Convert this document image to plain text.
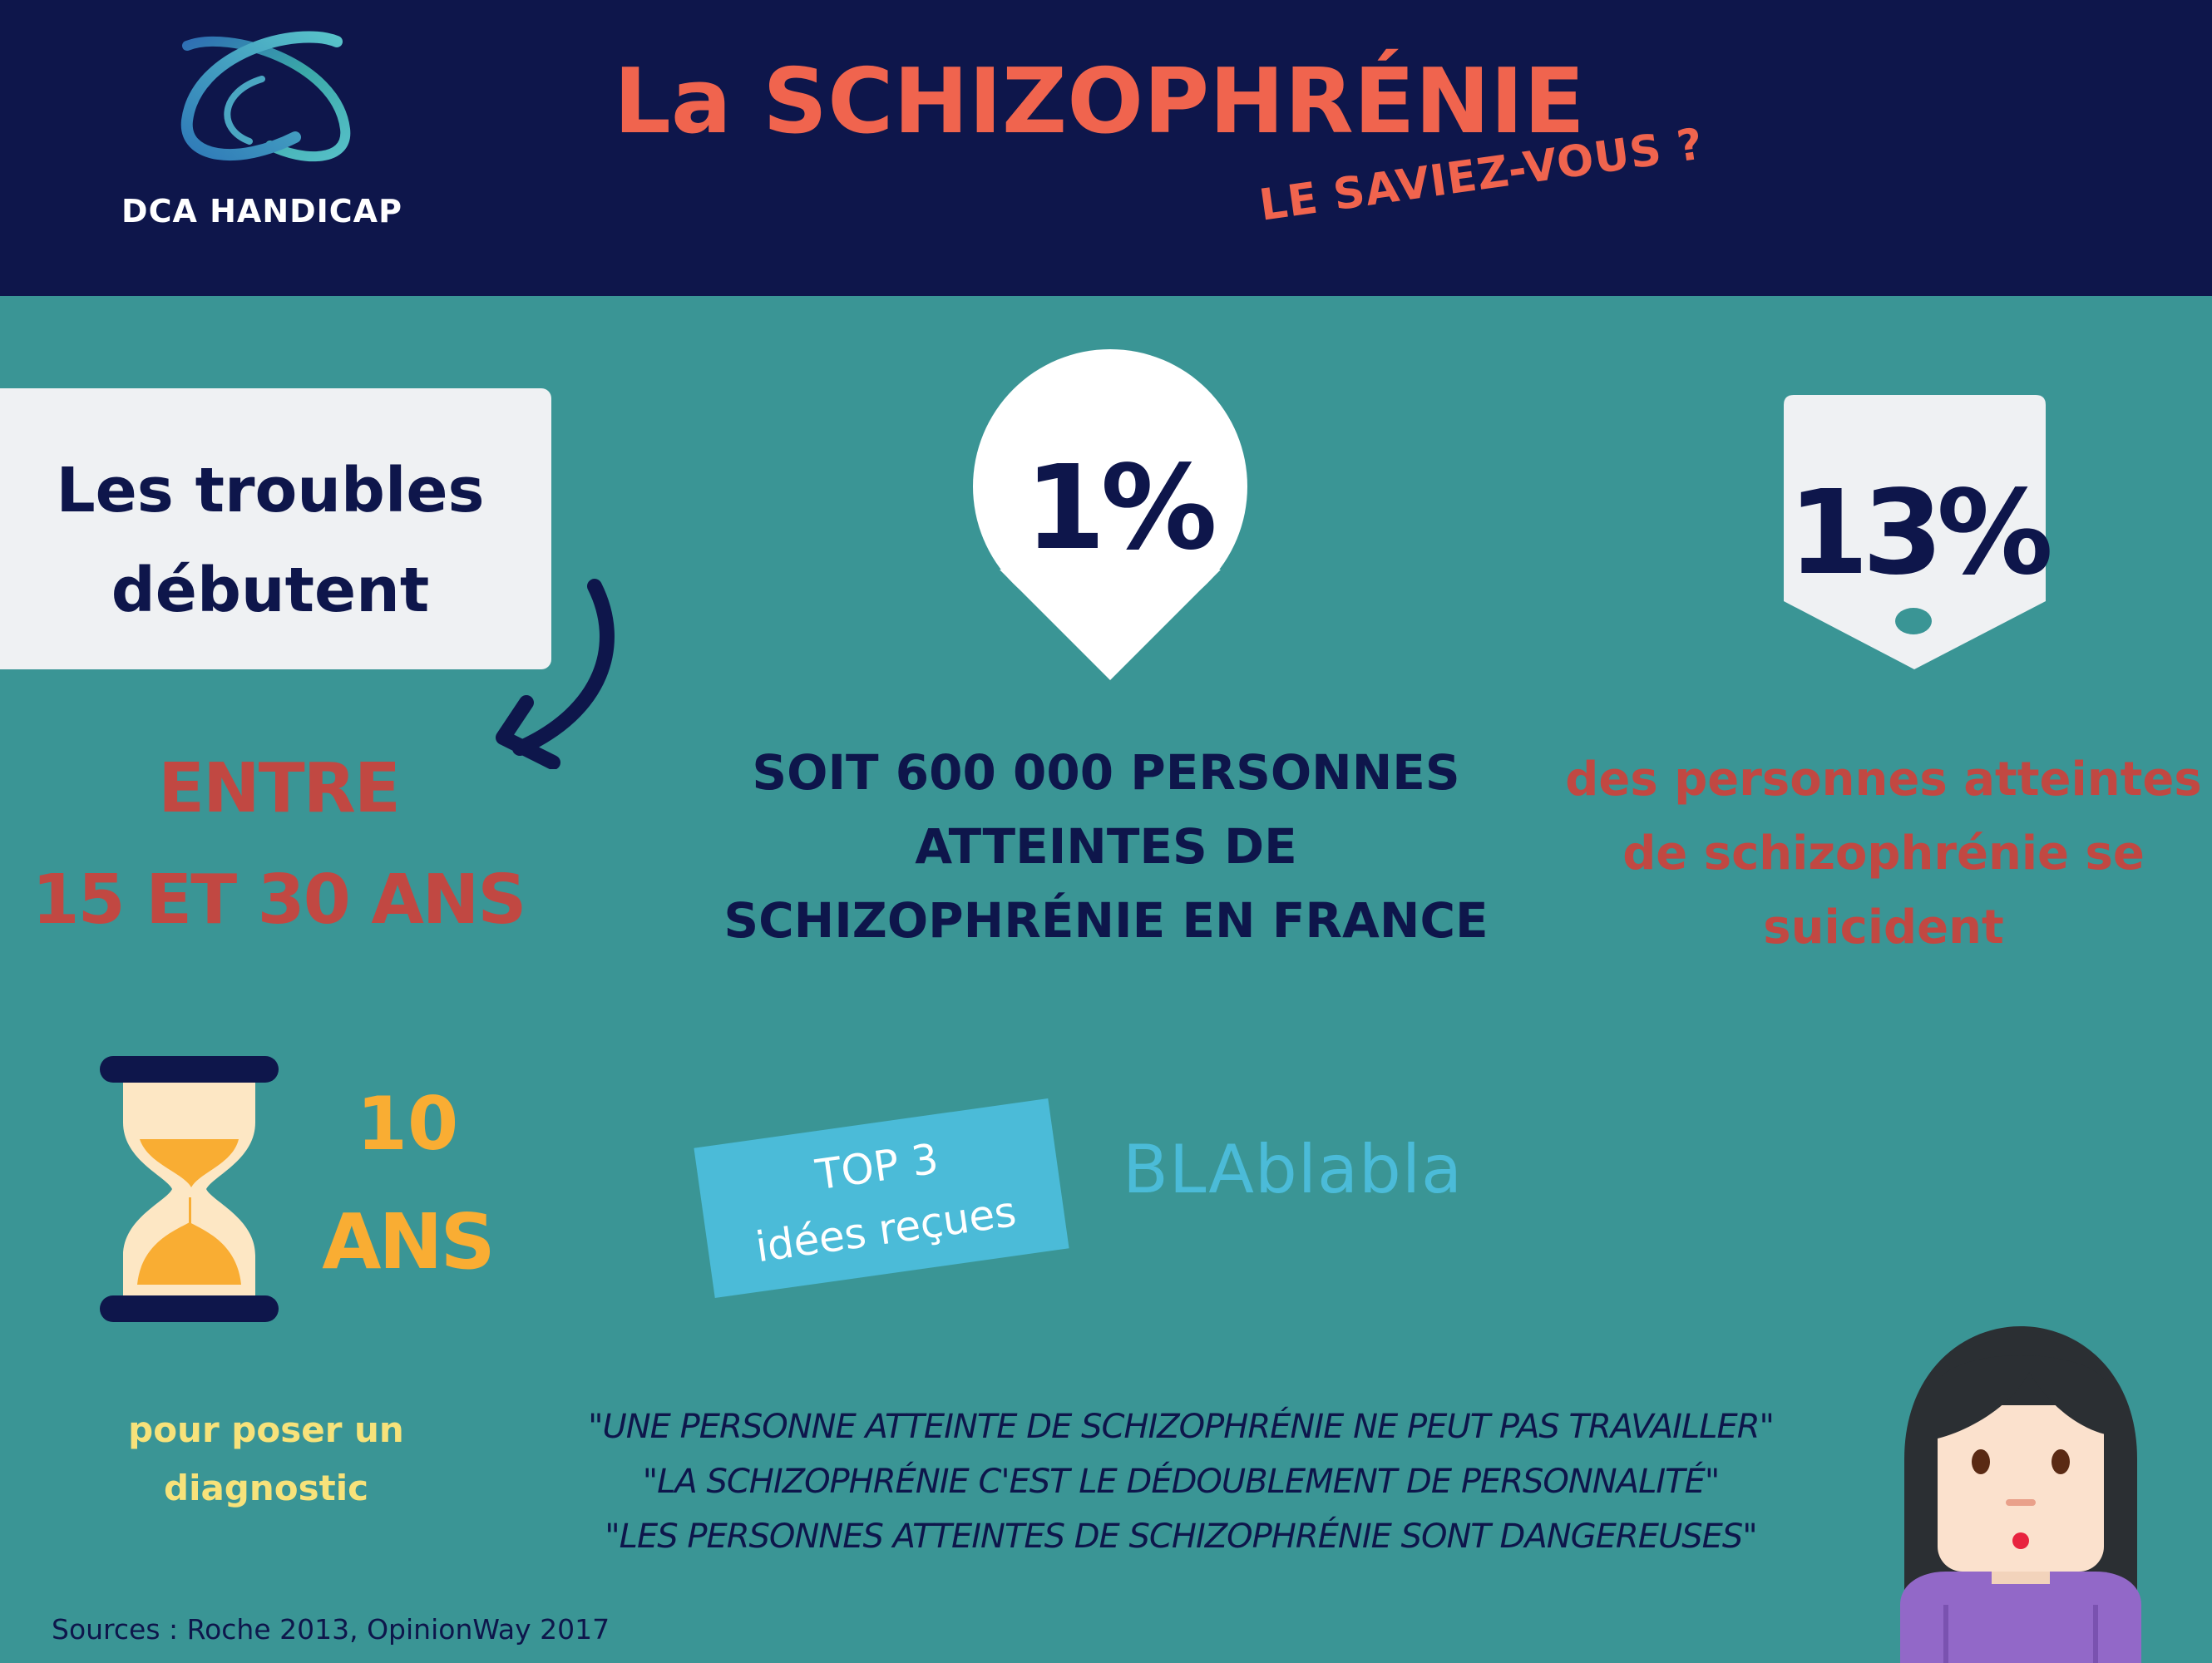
DCA HANDICAP
La SCHIZOPHRÉNIE
LE SAVIEZ-VOUS ?
Les troubles
débutent
ENTRE
15 ET 30 ANS
1%
SOIT 600 000 PERSONNES
ATTEINTES DE
SCHIZOPHRÉNIE EN FRANCE
13%
des personnes atteintes
de schizophrénie se
suicident
10
ANS
pour poser un
diagnostic
TOP 3
idées reçues
BLAblabla
"UNE PERSONNE ATTEINTE DE SCHIZOPHRÉNIE NE PEUT PAS TRAVAILLER"
"LA SCHIZOPHRÉNIE C'EST LE DÉDOUBLEMENT DE PERSONNALITÉ"
"LES PERSONNES ATTEINTES DE SCHIZOPHRÉNIE SONT DANGEREUSES"
Sources : Roche 2013, OpinionWay 2017
